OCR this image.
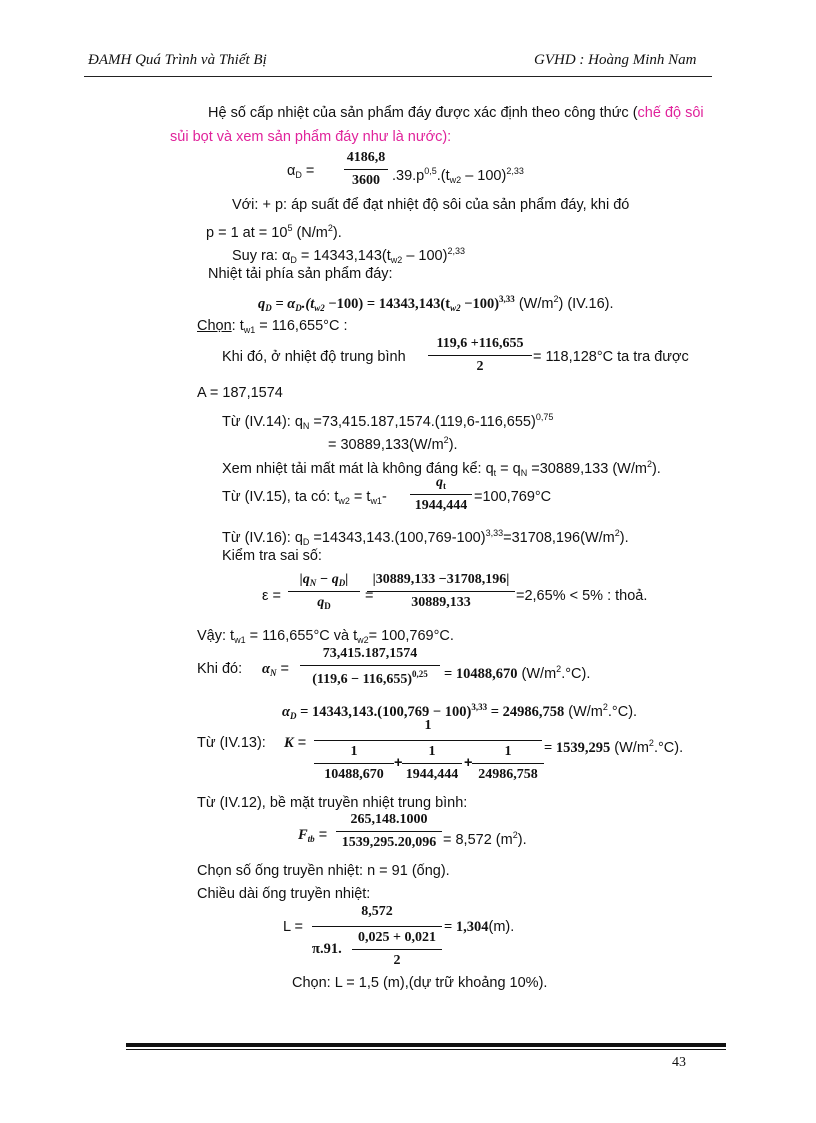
ĐAMH Quá Trình và Thiết Bị	GVHD : Hoàng Minh Nam
Hệ số cấp nhiệt của sản phẩm đáy được xác định theo công thức (chế độ sôi
sủi bọt và xem sản phẩm đáy như là nước):
$\alpha_D$ =
4186,8
3600 $.39.p^{0,5}.(t_{w2} - 100)^{2,33}$
Với: + p: áp suất để đạt nhiệt độ sôi của sản phẩm đáy, khi đó
p = 1 at = $10^5$ $(N/m^2)$.
Suy ra: $\alpha_D = 14343,143(t_{w2} - 100)^{2,33}$
Nhiệt tải phía sản phẩm đáy:
$q_D = \alpha_D.(t_{w2} -100) = 14343,143(t_{w2} -100)^{3,33}$ $(W/m^2)$ (IV.16).
Chọn: $t_{w1} = 116,655^\circ C$ :
Khi đó, ở nhiệt độ trung bình
119,6 +116,655
2
= 118,128°C ta tra được
A = 187,1574
Từ (IV.14): $q_N =73,415.187,1574.(119,6-116,655)^{0,75}$
= $30889,133(W/m^2)$.
Xem nhiệt tải mất mát là không đáng kể: $q_t = q_N =30889,133$ $(W/m^2)$.
Từ (IV.15), ta có: $t_{w2} = t_{w1}-$
$q_t$
1944,444
=100,769°C
Từ (IV.16): $q_D =14343,143.(100,769-100)^{3,33}=31708,196(W/m^2)$.
Kiểm tra sai số:
ε =
$|q_N - q_D|$
$q_D$
=
|30889,133 −31708,196|
30889,133	=2,65% < 5% : thoả.
Vậy: $t_{w1} = 116,655^\circ C$ và $t_{w2}= 100,769^\circ C$.
Khi đó: $\alpha_N$ =
73,415.187,1574
$(119,6 - 116,655)^{0,25}$	= 10488,670 $(W/m^2.^\circ C)$.
$\alpha_D = 14343,143.(100,769 - 100)^{3,33} = 24986,758$ $(W/m^2.^\circ C)$.
Từ (IV.13): K =
1
1
10488,670
+
1
1944,444
+
1
24986,758
= 1539,295 $(W/m^2.^\circ C)$.
Từ (IV.12), bề mặt truyền nhiệt trung bình:
$F_{tb}$ =
265,148.1000
1539,295.20,096 = 8,572 $(m^2)$.
Chọn số ống truyền nhiệt: n = 91 (ống).
Chiều dài ống truyền nhiệt:
L =
8,572
π.91.
0,025 + 0,021
2
= 1,304(m).
Chọn: L = 1,5 (m),(dự trữ khoảng 10%).
43
